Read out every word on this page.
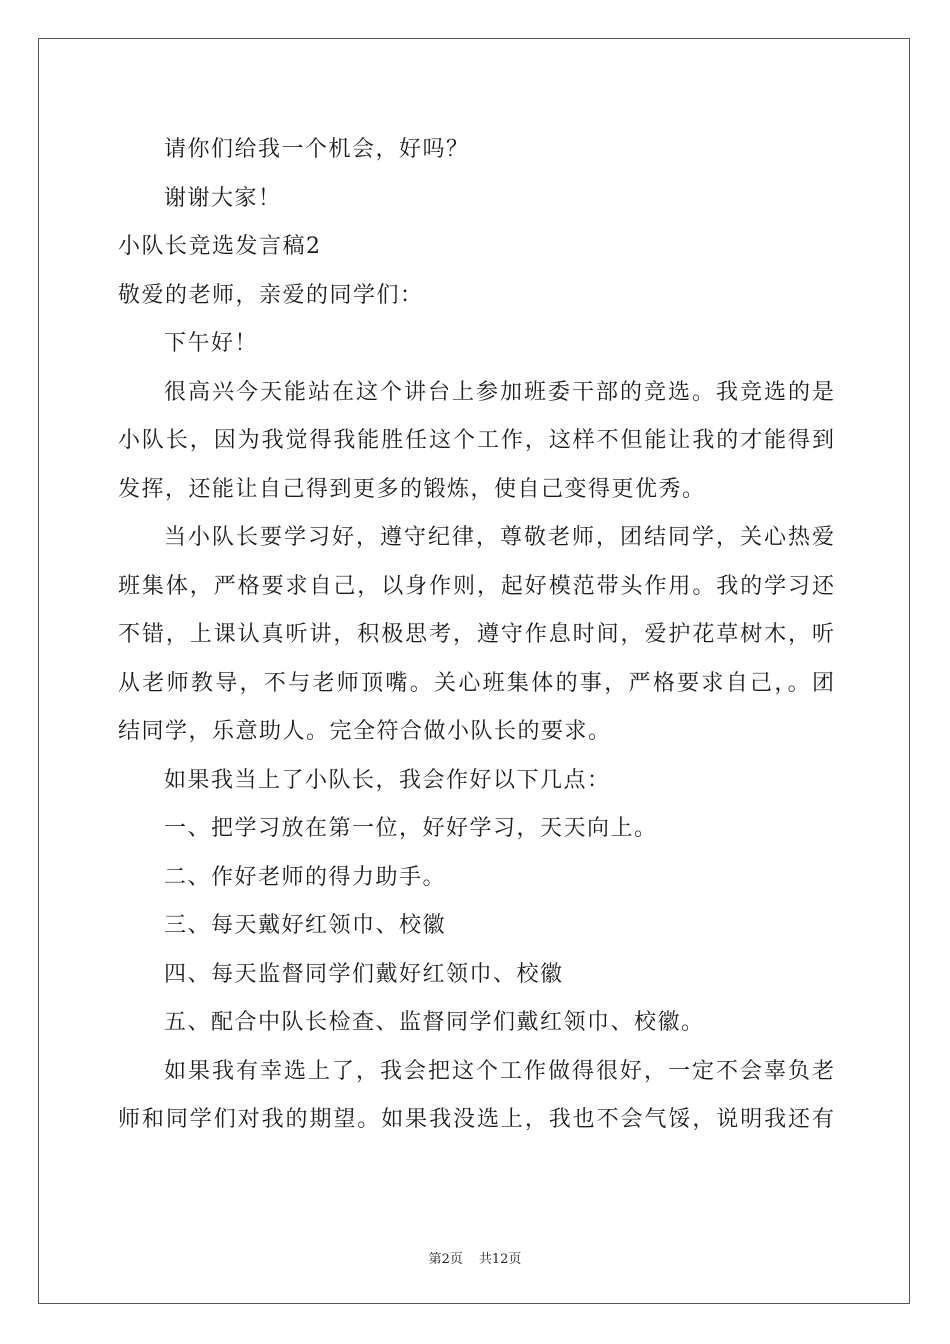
请你们给我一个机会，好吗？
谢谢大家！
小队长竞选发言稿2
敬爱的老师，亲爱的同学们：
下午好！
很高兴今天能站在这个讲台上参加班委干部的竞选。我竞选的是
小队长，因为我觉得我能胜任这个工作，这样不但能让我的才能得到
发挥，还能让自己得到更多的锻炼，使自己变得更优秀。
当小队长要学习好，遵守纪律，尊敬老师，团结同学，关心热爱
班集体，严格要求自己，以身作则，起好模范带头作用。我的学习还
不错，上课认真听讲，积极思考，遵守作息时间，爱护花草树木，听
从老师教导，不与老师顶嘴。关心班集体的事，严格要求自己，。团
结同学，乐意助人。完全符合做小队长的要求。
如果我当上了小队长，我会作好以下几点：
一、把学习放在第一位，好好学习，天天向上。
二、作好老师的得力助手。
三、每天戴好红领巾、校徽
四、每天监督同学们戴好红领巾、校徽
五、配合中队长检查、监督同学们戴红领巾、校徽。
如果我有幸选上了，我会把这个工作做得很好，一定不会辜负老
师和同学们对我的期望。如果我没选上，我也不会气馁，说明我还有
第2页 共12页
